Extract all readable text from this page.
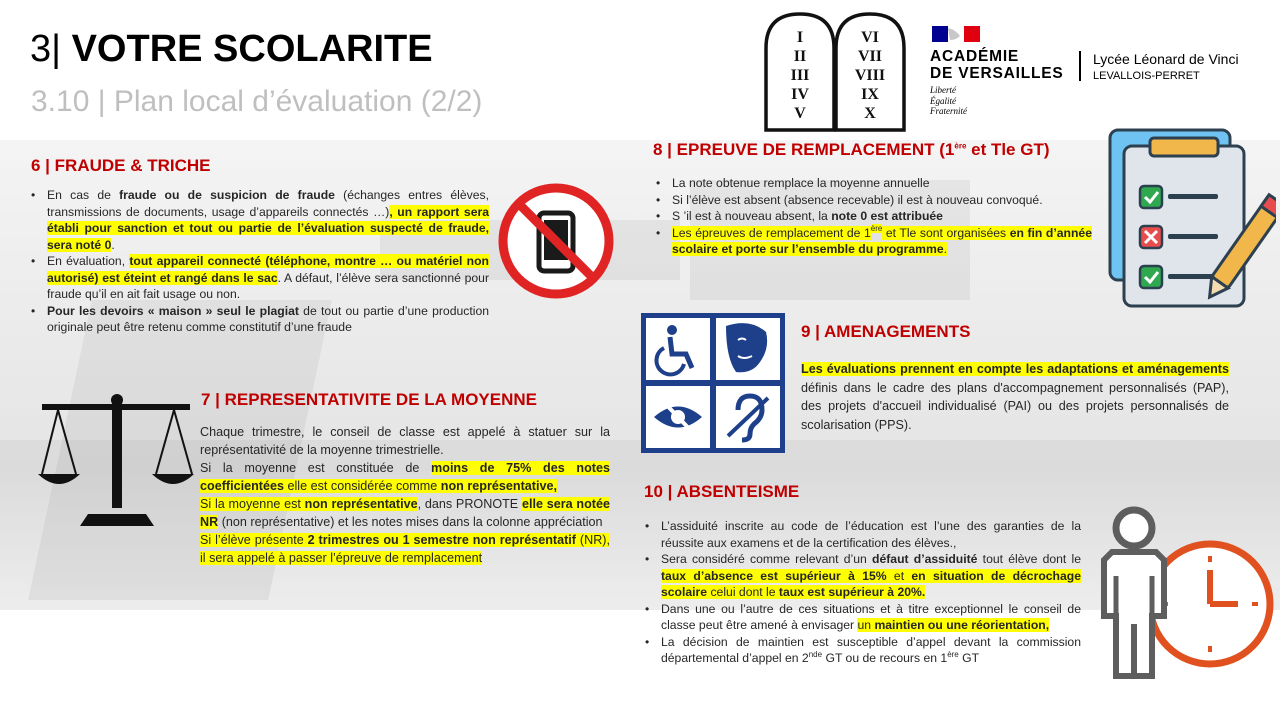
3| VOTRE SCOLARITE
3.10 | Plan local d’évaluation (2/2)
I
II
III
IV
V
VI
VII
VIII
IX
X
ACADÉMIE
DE VERSAILLES
Liberté
Égalité
Fraternité
Lycée Léonard de Vinci
LEVALLOIS-PERRET
6 | FRAUDE & TRICHE
• En cas de fraude ou de suspicion de fraude (échanges entres élèves, transmissions de documents, usage d’appareils connectés …), un rapport sera établi pour sanction et tout ou partie de l’évaluation suspecté de fraude, sera noté 0.
• En évaluation, tout appareil connecté (téléphone, montre … ou matériel non autorisé) est éteint et rangé dans le sac. A défaut, l’élève sera sanctionné pour fraude qu’il en ait fait usage ou non.
• Pour les devoirs « maison » seul le plagiat de tout ou partie d’une production originale peut être retenu comme constitutif d’une fraude
7 | REPRESENTATIVITE DE LA MOYENNE

Chaque trimestre, le conseil de classe est appelé à statuer sur la représentativité de la moyenne trimestrielle.
Si la moyenne est constituée de moins de 75% des notes coefficientées elle est considérée comme non représentative,
Si la moyenne est non représentative, dans PRONOTE elle sera notée NR (non représentative) et les notes mises dans la colonne appréciation
Si l’élève présente 2 trimestres ou 1 semestre non représentatif (NR), il sera appelé à passer l’épreuve de remplacement

8 | EPREUVE DE REMPLACEMENT (1ère et Tle GT)
• La note obtenue remplace la moyenne annuelle
• Si l’élève est absent (absence recevable) il est à nouveau convoqué.
• S ’il est à nouveau absent, la note 0 est attribuée
• Les épreuves de remplacement de 1ère et Tle sont organisées en fin d’année scolaire et porte sur l’ensemble du programme.
9 | AMENAGEMENTS

Les évaluations prennent en compte les adaptations et aménagements définis dans le cadre des plans d'accompagnement personnalisés (PAP), des projets d'accueil individualisé (PAI) ou des projets personnalisés de scolarisation (PPS).

10 | ABSENTEISME
• L’assiduité inscrite au code de l’éducation est l’une des garanties de la réussite aux examens et de la certification des élèves.,
• Sera considéré comme relevant d’un défaut d’assiduité tout élève dont le taux d’absence est supérieur à 15% et en situation de décrochage scolaire celui dont le taux est supérieur à 20%.
• Dans une ou l’autre de ces situations et à titre exceptionnel le conseil de classe peut être amené à envisager un maintien ou une réorientation,
• La décision de maintien est susceptible d’appel devant la commission départemental d’appel en 2nde GT ou de recours en 1ère GT
